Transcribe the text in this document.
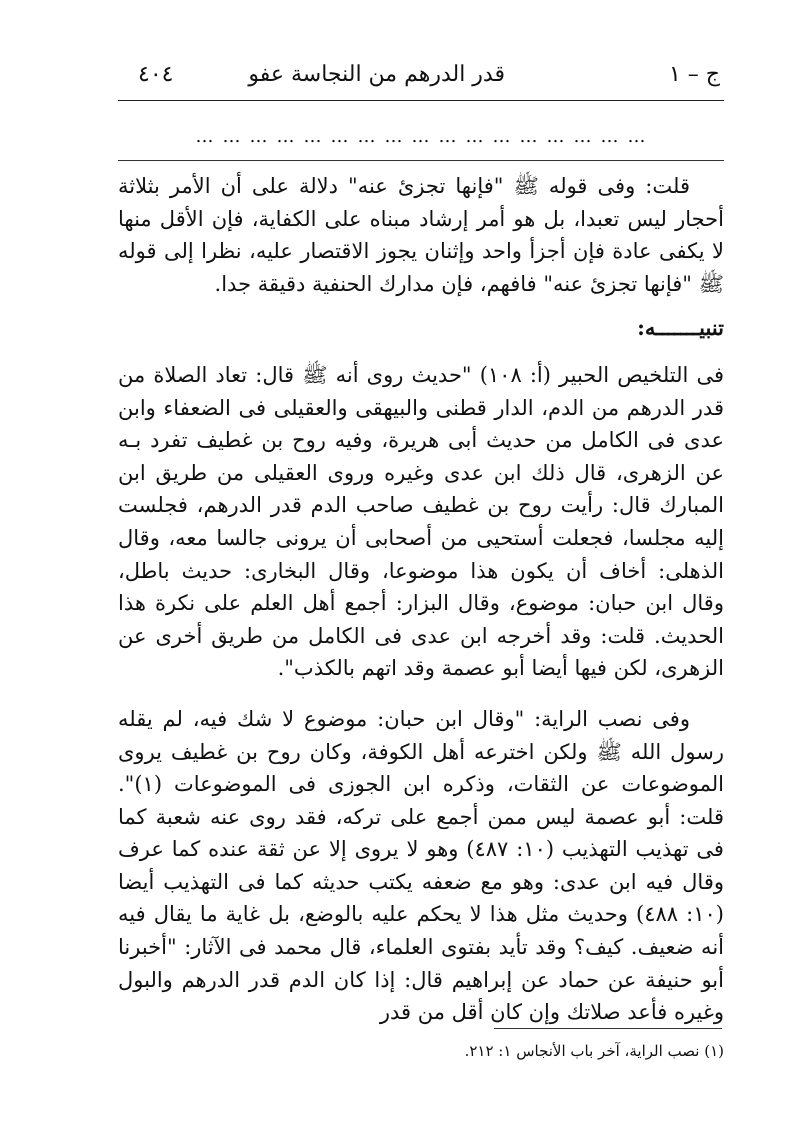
ج – ١
قدر الدرهم من النجاسة عفو
٤٠٤
……………………………………………

قلت: وفى قوله ﷺ "فإنها تجزئ عنه" دلالة على أن الأمر بثلاثة أحجار ليس تعبدا، بل هو أمر إرشاد مبناه على الكفاية، فإن الأقل منها لا يكفى عادة فإن أجزأ واحد وإثنان يجوز الاقتصار عليه، نظرا إلى قوله ﷺ "فإنها تجزئ عنه" فافهم، فإن مدارك الحنفية دقيقة جدا.

تنبيـــــــه:

فى التلخيص الحبير (أ: ١٠٨) "حديث روى أنه ﷺ قال: تعاد الصلاة من قدر الدرهم من الدم، الدار قطنى والبيهقى والعقيلى فى الضعفاء وابن عدى فى الكامل من حديث أبى هريرة، وفيه روح بن غطيف تفرد بـه عن الزهرى، قال ذلك ابن عدى وغيره وروى العقيلى من طريق ابن المبارك قال: رأيت روح بن غطيف صاحب الدم قدر الدرهم، فجلست إليه مجلسا، فجعلت أستحيى من أصحابى أن يرونى جالسا معه، وقال الذهلى: أخاف أن يكون هذا موضوعا، وقال البخارى: حديث باطل، وقال ابن حبان: موضوع، وقال البزار: أجمع أهل العلم على نكرة هذا الحديث. قلت: وقد أخرجه ابن عدى فى الكامل من طريق أخرى عن الزهرى، لكن فيها أيضا أبو عصمة وقد اتهم بالكذب".

وفى نصب الراية: "وقال ابن حبان: موضوع لا شك فيه، لم يقله رسول الله ﷺ ولكن اخترعه أهل الكوفة، وكان روح بن غطيف يروى الموضوعات عن الثقات، وذكره ابن الجوزى فى الموضوعات (١)". قلت: أبو عصمة ليس ممن أجمع على تركه، فقد روى عنه شعبة كما فى تهذيب التهذيب (١٠: ٤٨٧) وهو لا يروى إلا عن ثقة عنده كما عرف وقال فيه ابن عدى: وهو مع ضعفه يكتب حديثه كما فى التهذيب أيضا (١٠: ٤٨٨) وحديث مثل هذا لا يحكم عليه بالوضع، بل غاية ما يقال فيه أنه ضعيف. كيف؟ وقد تأيد بفتوى العلماء، قال محمد فى الآثار: "أخبرنا أبو حنيفة عن حماد عن إبراهيم قال: إذا كان الدم قدر الدرهم والبول وغيره فأعد صلاتك وإن كان أقل من قدر

(١) نصب الراية، آخر باب الأنجاس ١: ٢١٢.
